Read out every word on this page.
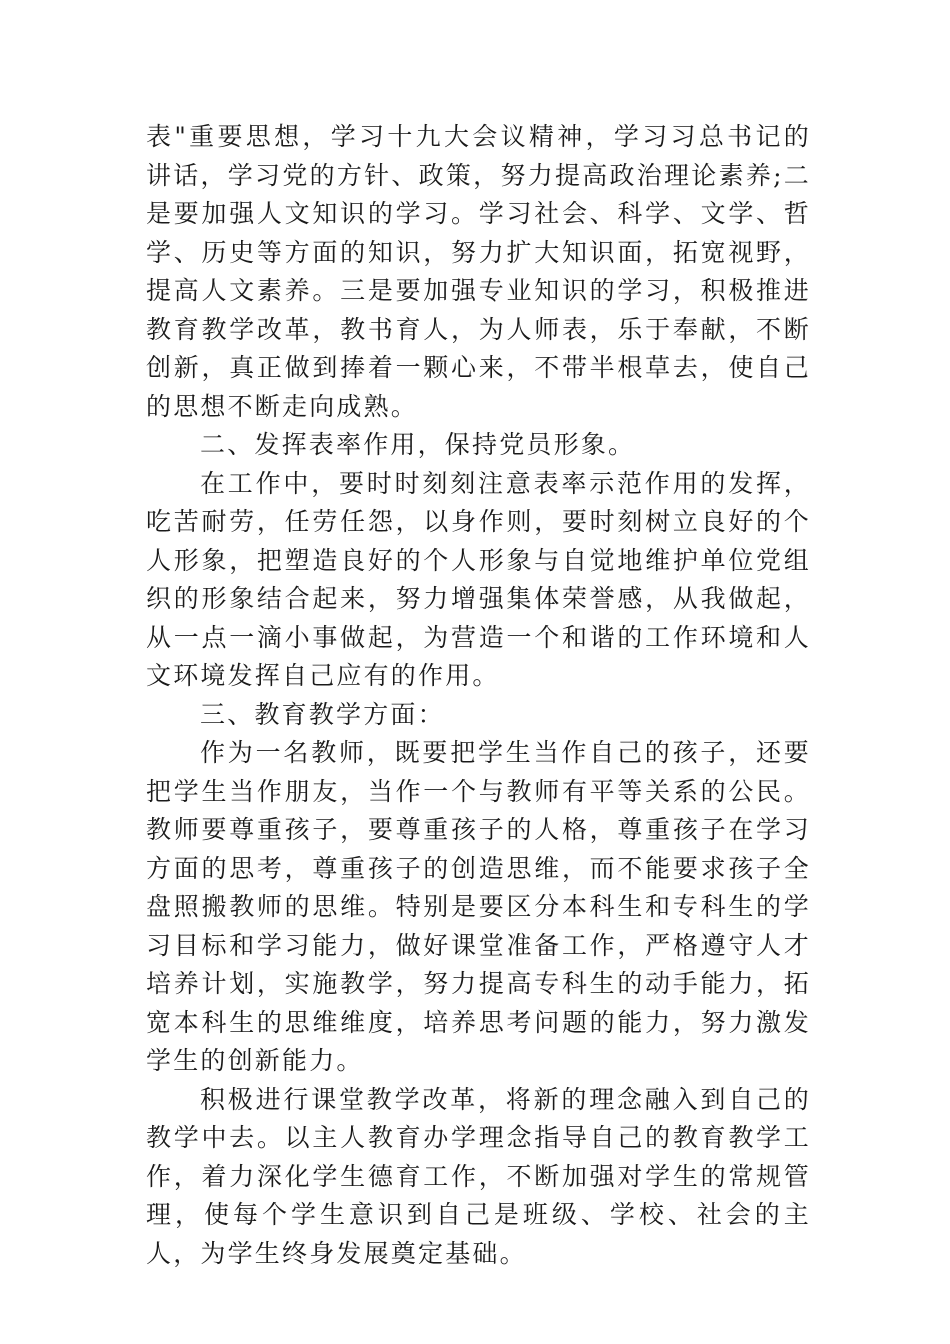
表"重要思想，学习十九大会议精神，学习习总书记的讲话，学习党的方针、政策，努力提高政治理论素养;二是要加强人文知识的学习。学习社会、科学、文学、哲学、历史等方面的知识，努力扩大知识面，拓宽视野，提高人文素养。三是要加强专业知识的学习，积极推进教育教学改革，教书育人，为人师表，乐于奉献，不断创新，真正做到捧着一颗心来，不带半根草去，使自己的思想不断走向成熟。

二、发挥表率作用，保持党员形象。

在工作中，要时时刻刻注意表率示范作用的发挥，吃苦耐劳，任劳任怨，以身作则，要时刻树立良好的个人形象，把塑造良好的个人形象与自觉地维护单位党组织的形象结合起来，努力增强集体荣誉感，从我做起，从一点一滴小事做起，为营造一个和谐的工作环境和人文环境发挥自己应有的作用。

三、教育教学方面：

作为一名教师，既要把学生当作自己的孩子，还要把学生当作朋友，当作一个与教师有平等关系的公民。教师要尊重孩子，要尊重孩子的人格，尊重孩子在学习方面的思考，尊重孩子的创造思维，而不能要求孩子全盘照搬教师的思维。特别是要区分本科生和专科生的学习目标和学习能力，做好课堂准备工作，严格遵守人才培养计划，实施教学，努力提高专科生的动手能力，拓宽本科生的思维维度，培养思考问题的能力，努力激发学生的创新能力。

积极进行课堂教学改革，将新的理念融入到自己的教学中去。以主人教育办学理念指导自己的教育教学工作，着力深化学生德育工作，不断加强对学生的常规管理，使每个学生意识到自己是班级、学校、社会的主人，为学生终身发展奠定基础。
